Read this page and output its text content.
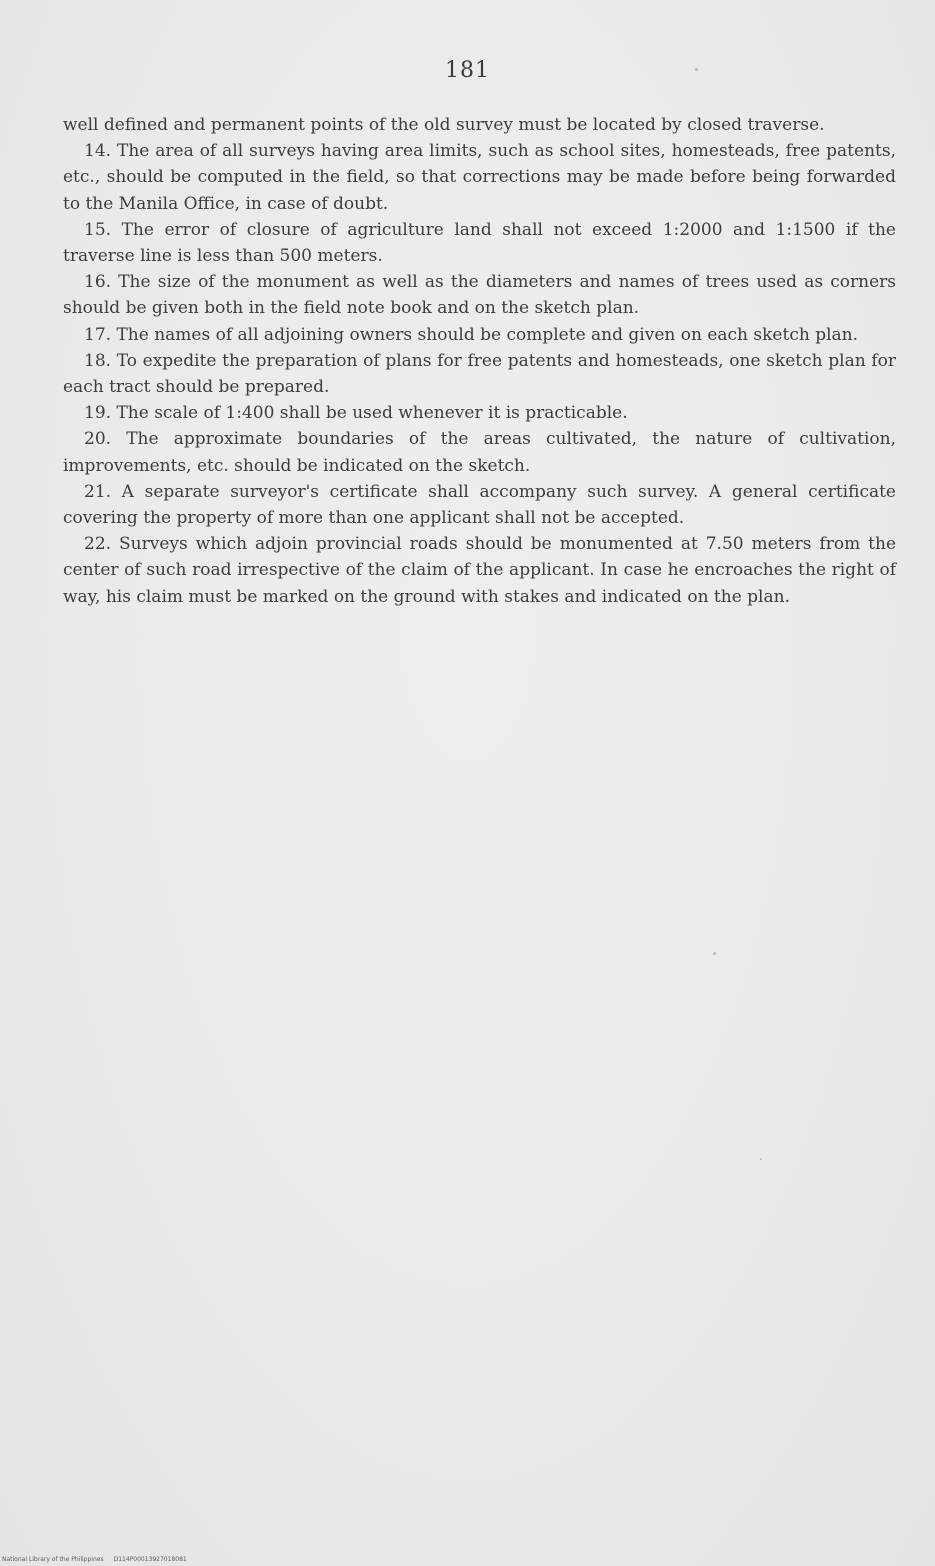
181

well defined and permanent points of the old survey must be located by closed traverse.

14. The area of all surveys having area limits, such as school sites, homesteads, free patents, etc., should be computed in the field, so that corrections may be made before being forwarded to the Manila Office, in case of doubt.

15. The error of closure of agriculture land shall not exceed 1:2000 and 1:1500 if the traverse line is less than 500 meters.

16. The size of the monument as well as the diameters and names of trees used as corners should be given both in the field note book and on the sketch plan.

17. The names of all adjoining owners should be complete and given on each sketch plan.

18. To expedite the preparation of plans for free patents and homesteads, one sketch plan for each tract should be prepared.

19. The scale of 1:400 shall be used whenever it is practicable.

20. The approximate boundaries of the areas cultivated, the nature of cultivation, improvements, etc. should be indicated on the sketch.

21. A separate surveyor's certificate shall accompany such survey. A general certificate covering the property of more than one applicant shall not be accepted.

22. Surveys which adjoin provincial roads should be monumented at 7.50 meters from the center of such road irrespective of the claim of the applicant. In case he encroaches the right of way, his claim must be marked on the ground with stakes and indicated on the plan.

National Library of the Philippines D114P00013927018081
